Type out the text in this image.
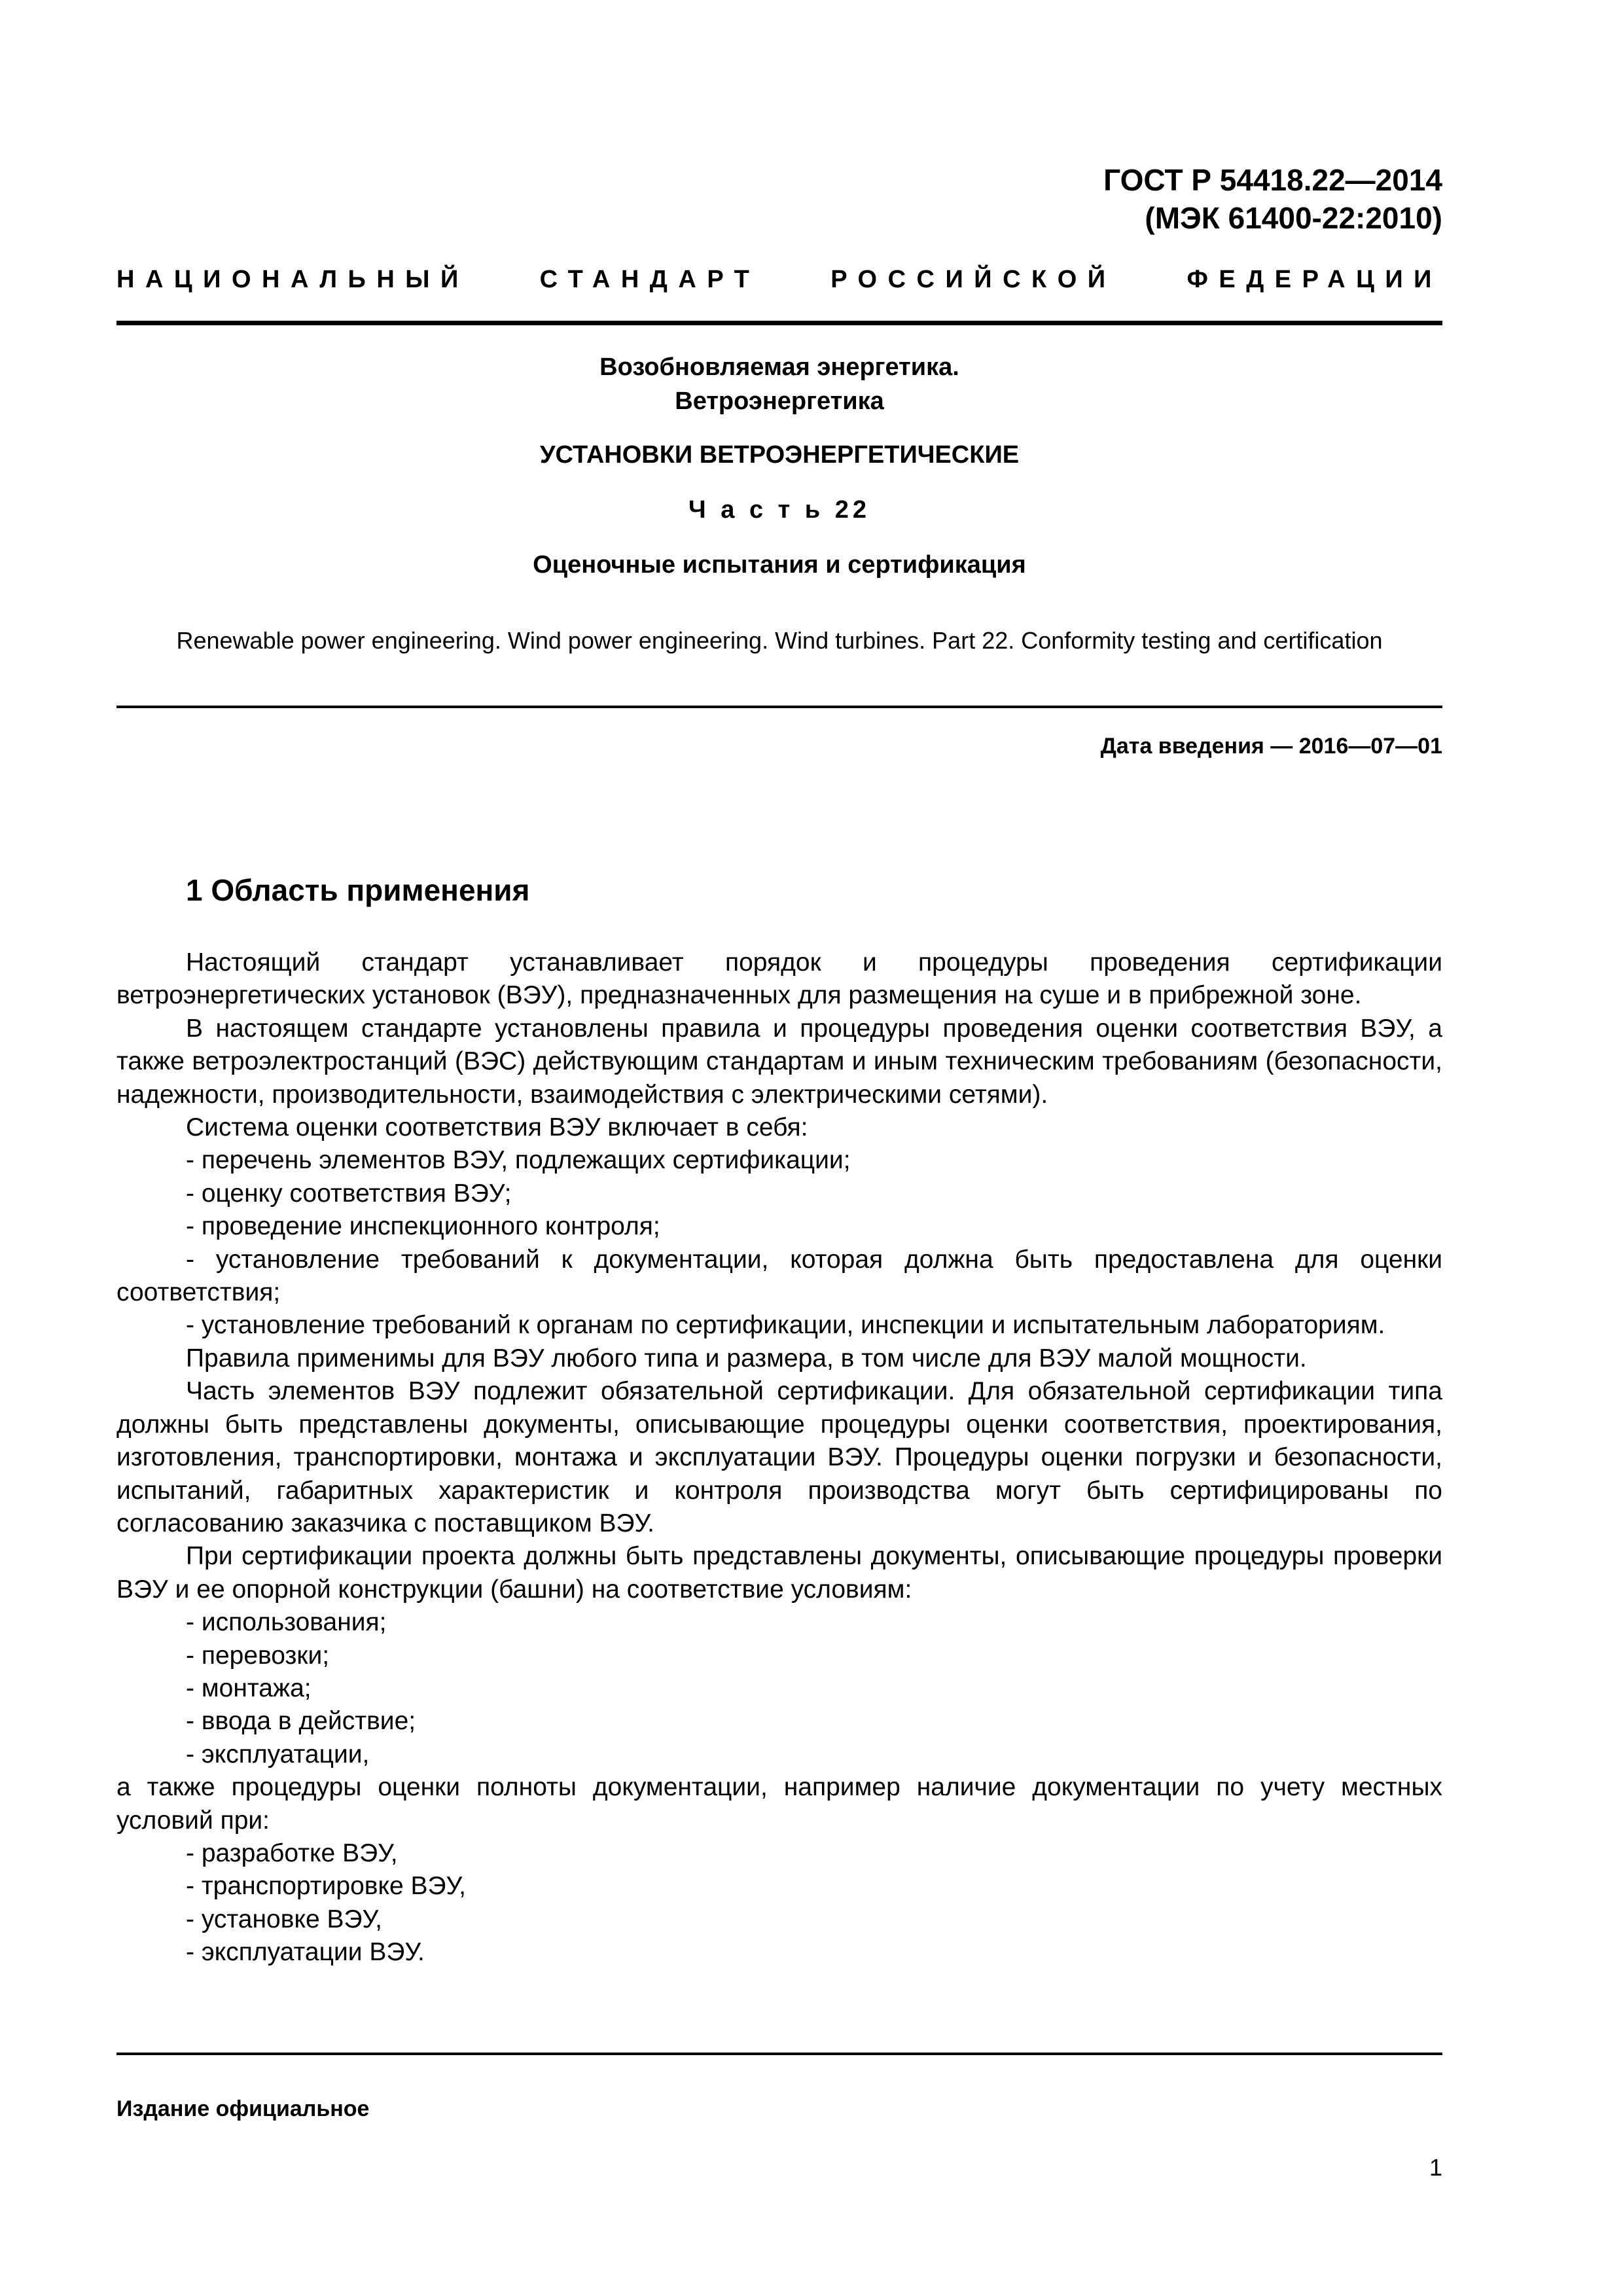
ГОСТ Р 54418.22—2014
(МЭК 61400-22:2010)
НАЦИОНАЛЬНЫЙ	СТАНДАРТ	РОССИЙСКОЙ	ФЕДЕРАЦИИ

Возобновляемая энергетика.

Ветроэнергетика

УСТАНОВКИ ВЕТРОЭНЕРГЕТИЧЕСКИЕ

Ч а с т ь 22

Оценочные испытания и сертификация

Renewable power engineering. Wind power engineering. Wind turbines. Part 22. Conformity testing and certification

Дата введения — 2016—07—01

1 Область применения

Настоящий стандарт устанавливает порядок и процедуры проведения сертификации ветроэнергетических установок (ВЭУ), предназначенных для размещения на суше и в прибрежной зоне.

В настоящем стандарте установлены правила и процедуры проведения оценки соответствия ВЭУ, а также ветроэлектростанций (ВЭС) действующим стандартам и иным техническим требованиям (безопасности, надежности, производительности, взаимодействия с электрическими сетями).

Система оценки соответствия ВЭУ включает в себя:

- перечень элементов ВЭУ, подлежащих сертификации;
- оценку соответствия ВЭУ;
- проведение инспекционного контроля;
- установление требований к документации, которая должна быть предоставлена для оценки соответствия;
- установление требований к органам по сертификации, инспекции и испытательным лабораториям.

Правила применимы для ВЭУ любого типа и размера, в том числе для ВЭУ малой мощности.

Часть элементов ВЭУ подлежит обязательной сертификации. Для обязательной сертификации типа должны быть представлены документы, описывающие процедуры оценки соответствия, проектирования, изготовления, транспортировки, монтажа и эксплуатации ВЭУ. Процедуры оценки погрузки и безопасности, испытаний, габаритных характеристик и контроля производства могут быть сертифицированы по согласованию заказчика с поставщиком ВЭУ.

При сертификации проекта должны быть представлены документы, описывающие процедуры проверки ВЭУ и ее опорной конструкции (башни) на соответствие условиям:

- использования;
- перевозки;
- монтажа;
- ввода в действие;
- эксплуатации,

а также процедуры оценки полноты документации, например наличие документации по учету местных условий при:

- разработке ВЭУ,
- транспортировке ВЭУ,
- установке ВЭУ,
- эксплуатации ВЭУ.

Издание официальное

1
